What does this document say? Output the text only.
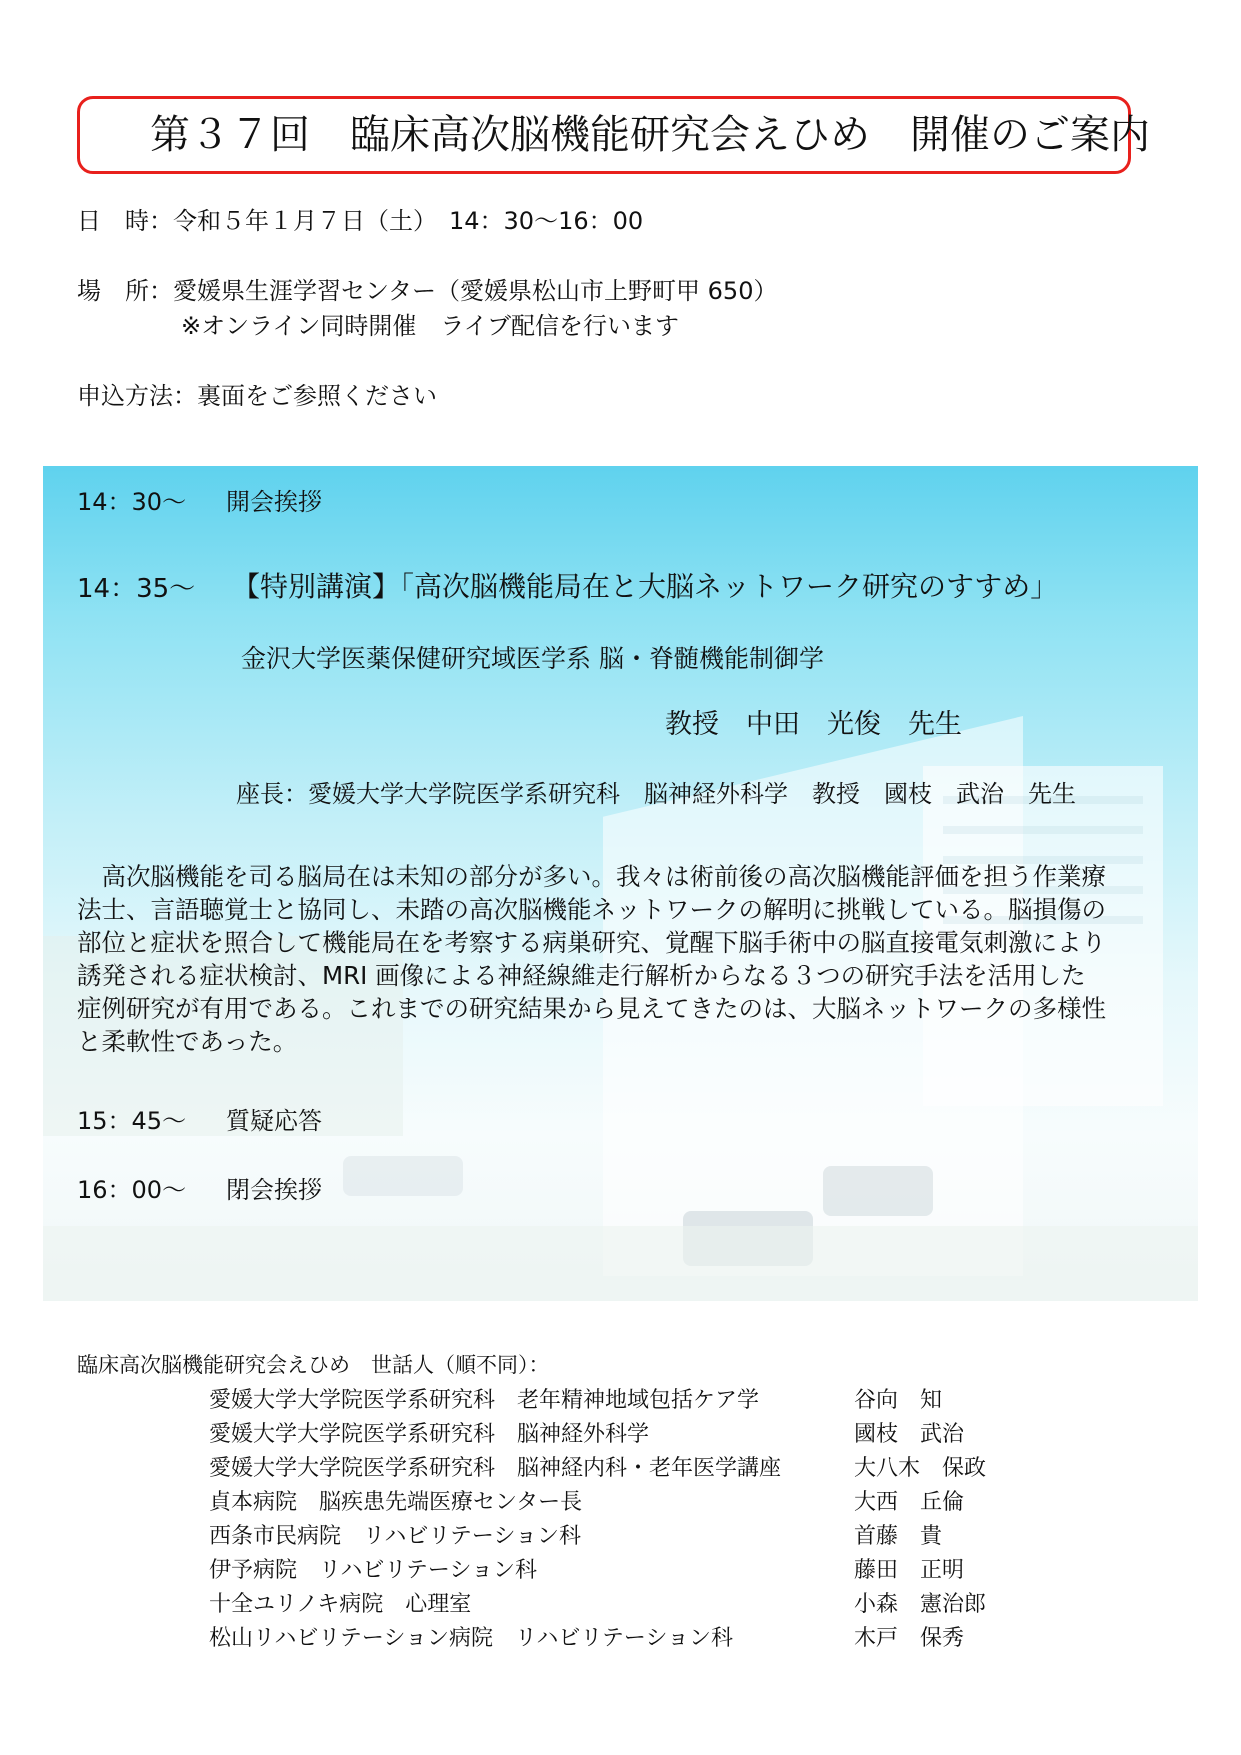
第３７回　臨床高次脳機能研究会えひめ　開催のご案内
日　時：令和５年１月７日（土）　14：30～16：00
場　所：愛媛県生涯学習センター（愛媛県松山市上野町甲 650）
※オンライン同時開催　ライブ配信を行います
申込方法：裏面をご参照ください
14：30～ 開会挨拶
14：35～ 【特別講演】「高次脳機能局在と大脳ネットワーク研究のすすめ」
金沢大学医薬保健研究域医学系 脳・脊髄機能制御学
教授　中田　光俊　先生
座長：愛媛大学大学院医学系研究科　脳神経外科学　教授　國枝　武治　先生

　高次脳機能を司る脳局在は未知の部分が多い。我々は術前後の高次脳機能評価を担う作業療

法士、言語聴覚士と協同し、未踏の高次脳機能ネットワークの解明に挑戦している。脳損傷の

部位と症状を照合して機能局在を考察する病巣研究、覚醒下脳手術中の脳直接電気刺激により

誘発される症状検討、MRI 画像による神経線維走行解析からなる３つの研究手法を活用した

症例研究が有用である。これまでの研究結果から見えてきたのは、大脳ネットワークの多様性

と柔軟性であった。

15：45～ 質疑応答
16：00～ 閉会挨拶
臨床高次脳機能研究会えひめ　世話人（順不同）：
愛媛大学大学院医学系研究科　老年精神地域包括ケア学	谷向　知
愛媛大学大学院医学系研究科　脳神経外科学	國枝　武治
愛媛大学大学院医学系研究科　脳神経内科・老年医学講座	大八木　保政
貞本病院　脳疾患先端医療センター長	大西　丘倫
西条市民病院　リハビリテーション科	首藤　貴
伊予病院　リハビリテーション科	藤田　正明
十全ユリノキ病院　心理室	小森　憲治郎
松山リハビリテーション病院　リハビリテーション科	木戸　保秀
